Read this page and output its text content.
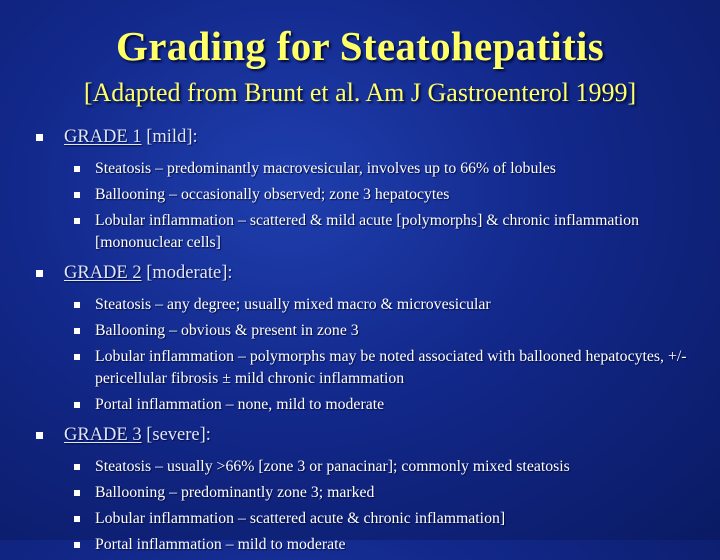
Grading for Steatohepatitis
[Adapted from Brunt et al. Am J Gastroenterol 1999]
GRADE 1 [mild]:
Steatosis – predominantly macrovesicular, involves up to 66% of lobules
Ballooning – occasionally observed; zone 3 hepatocytes
Lobular inflammation – scattered & mild acute [polymorphs] & chronic inflammation [mononuclear cells]
GRADE 2 [moderate]:
Steatosis – any degree; usually mixed macro & microvesicular
Ballooning – obvious & present in zone 3
Lobular inflammation – polymorphs may be noted associated with ballooned hepatocytes, +/- pericellular fibrosis ± mild chronic inflammation
Portal inflammation – none, mild to moderate
GRADE 3 [severe]:
Steatosis – usually >66% [zone 3 or panacinar]; commonly mixed steatosis
Ballooning – predominantly zone 3; marked
Lobular inflammation – scattered acute & chronic inflammation]
Portal inflammation – mild to moderate
